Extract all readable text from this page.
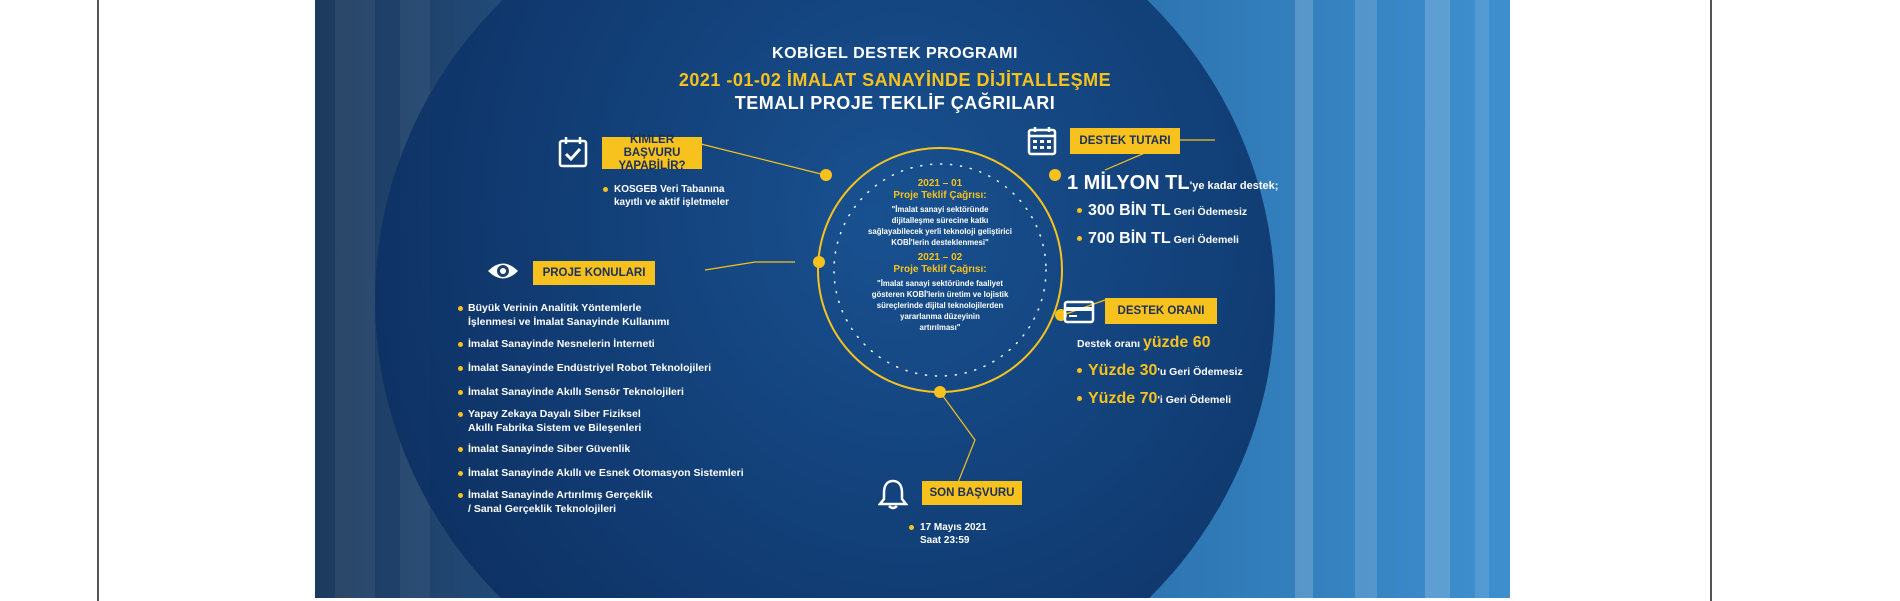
KOBİGEL DESTEK PROGRAMI
2021 -01-02 İMALAT SANAYİNDE DİJİTALLEŞME
TEMALI PROJE TEKLİF ÇAĞRILARI
2021 – 01
Proje Teklif Çağrısı:
"İmalat sanayi sektöründe
dijitalleşme sürecine katkı
sağlayabilecek yerli teknoloji geliştirici
KOBİ'lerin desteklenmesi"
2021 – 02
Proje Teklif Çağrısı:
"İmalat sanayi sektöründe faaliyet
gösteren KOBİ'lerin üretim ve lojistik
süreçlerinde dijital teknolojilerden
yararlanma düzeyinin
artırılması"
KİMLER BAŞVURU YAPABİLİR?
KOSGEB Veri Tabanına
kayıtlı ve aktif işletmeler
PROJE KONULARI
Büyük Verinin Analitik Yöntemlerle
İşlenmesi ve İmalat Sanayinde Kullanımı
İmalat Sanayinde Nesnelerin İnterneti
İmalat Sanayinde Endüstriyel Robot Teknolojileri
İmalat Sanayinde Akıllı Sensör Teknolojileri
Yapay Zekaya Dayalı Siber Fiziksel
Akıllı Fabrika Sistem ve Bileşenleri
İmalat Sanayinde Siber Güvenlik
İmalat Sanayinde Akıllı ve Esnek Otomasyon Sistemleri
İmalat Sanayinde Artırılmış Gerçeklik
/ Sanal Gerçeklik Teknolojileri
DESTEK TUTARI
1 MİLYON TL'ye kadar destek;
300 BİN TL Geri Ödemesiz
700 BİN TL Geri Ödemeli
DESTEK ORANI
Destek oranı yüzde 60
Yüzde 30'u Geri Ödemesiz
Yüzde 70'i Geri Ödemeli
SON BAŞVURU
17 Mayıs 2021
Saat 23:59
